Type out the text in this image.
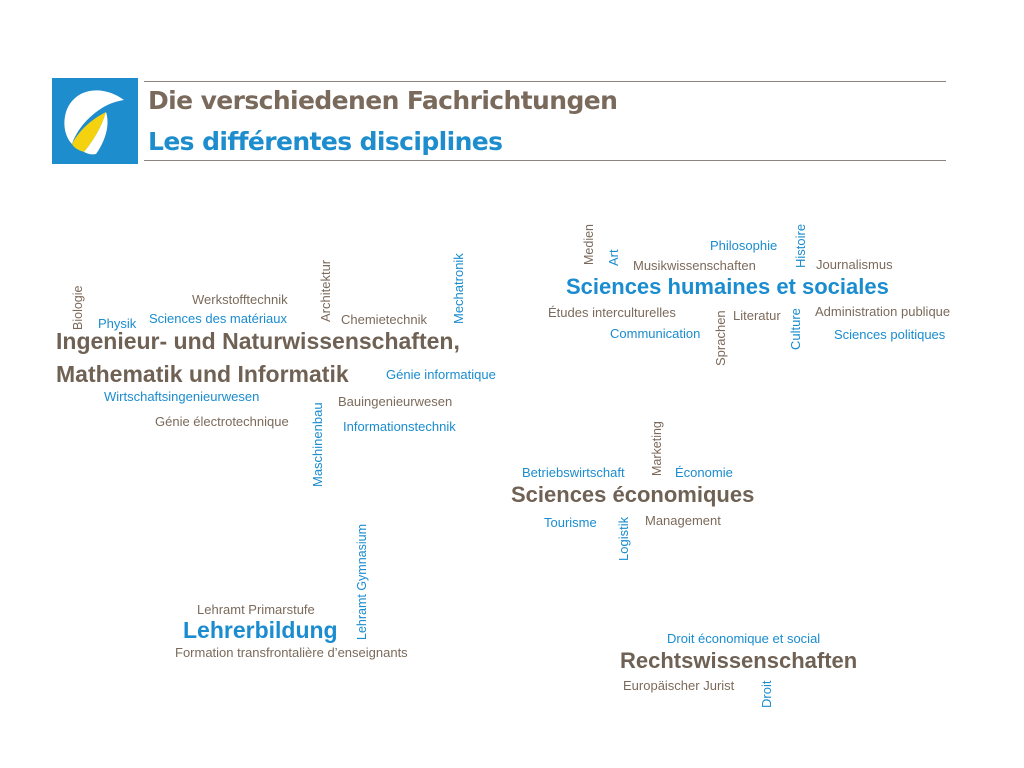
Die verschiedenen Fachrichtungen
Les différentes disciplines
Biologie Physik
Werkstofftechnik
Sciences des matériaux Architektur Chemietechnik Mechatronik
Ingenieur- und Naturwissenschaften,
Mathematik und Informatik	Génie informatique
Wirtschaftsingenieurwesen	Bauingenieurwesen
Génie électrotechnique Maschinenbau Informationstechnik
Medien Art
Philosophie Histoire
Musikwissenschaften	Journalismus
Sciences humaines et sociales
Études interculturelles	Sprachen Literatur Culture Administration publique
Communication	Sciences politiques
Marketing
Betriebswirtschaft	Économie
Sciences économiques
Tourisme Logistik Management
Lehramt Gymnasium
Lehramt Primarstufe
Lehrerbildung
Formation transfrontalière d’enseignants
Droit économique et social
Rechtswissenschaften
Europäischer Jurist Droit
